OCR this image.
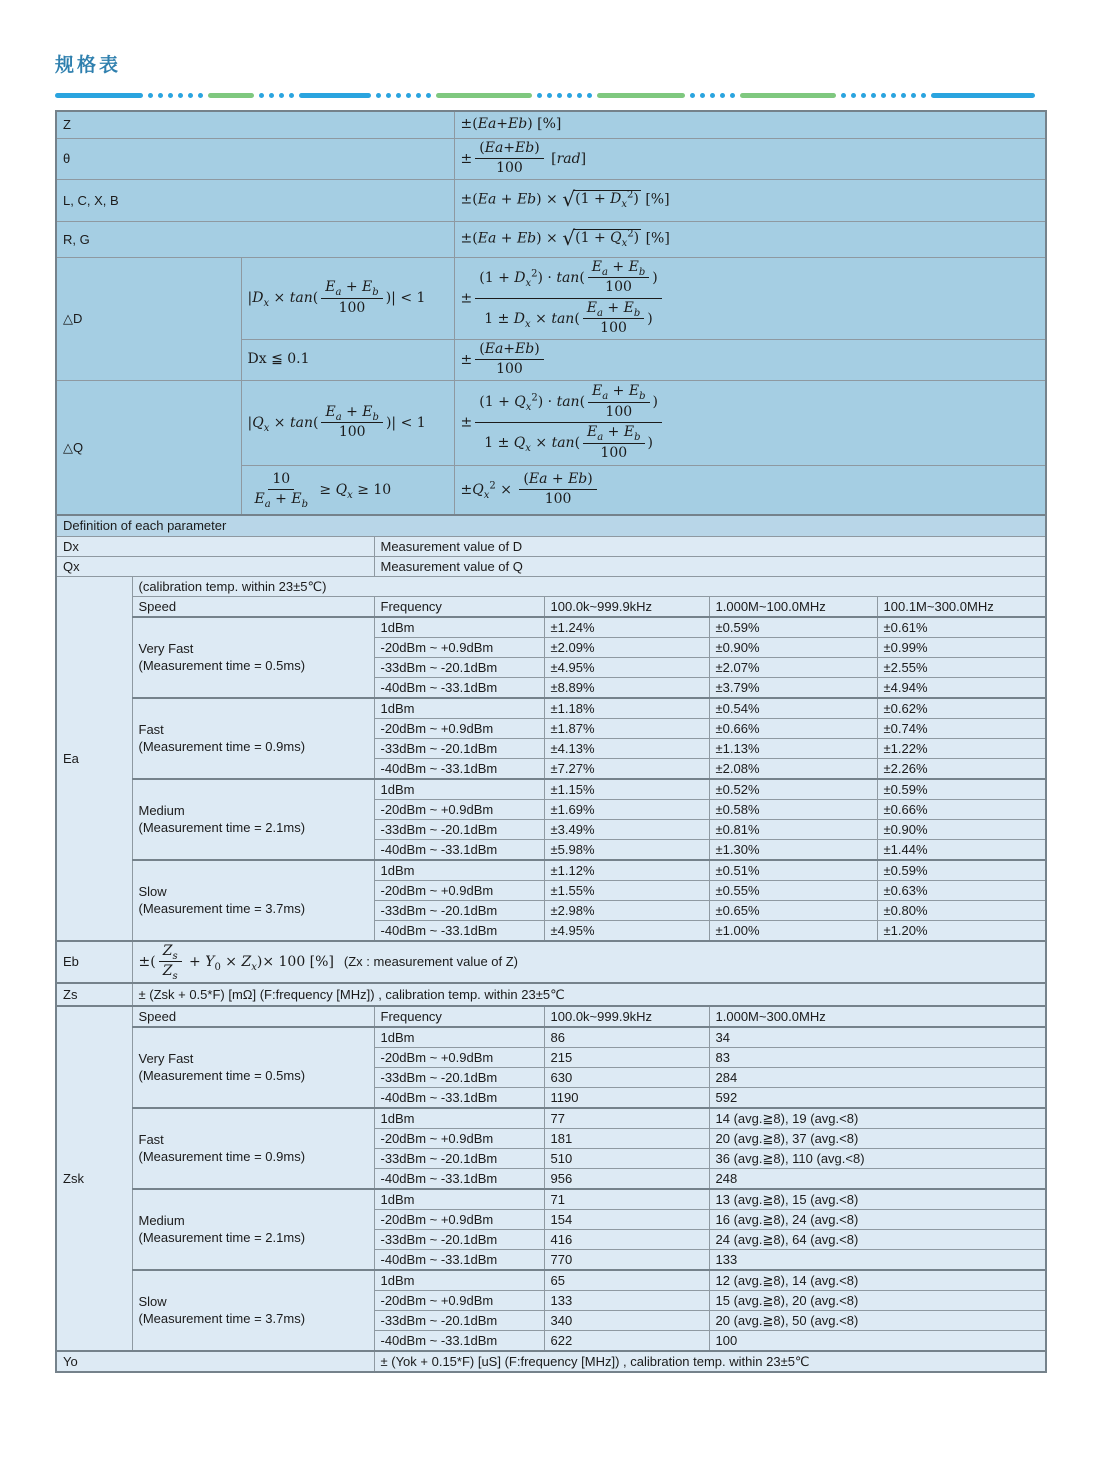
规格表
Z				±(Ea+Eb) [%]			
θ				± $\frac{(Ea+Eb)}{100} [rad]$			
L, C, X, B				±(Ea + Eb) × √ $(1 + D_x^2)$ [%]			
R, G				±(Ea + Eb) × √ $(1 + Q_x^2)$ [%]			
△D	$|D_x \times \tan( \frac{E_a + E_b}{100}$ )| < 1	± $\frac{(1 + D_x^2) \cdot \tan( \frac{E_a + E_b}{100} )}{1 \pm D_x \times \tan( \frac{E_a + E_b}{100} )}$

		Dx ≦ 0.1		± $\frac{(Ea+Eb)}{100}$

△Q	$|Q_x \times \tan( \frac{E_a + E_b}{100}$ )| < 1	± $\frac{(1 + Q_x^2) \cdot \tan( \frac{E_a + E_b}{100} )}{1 \pm Q_x \times \tan( \frac{E_a + E_b}{100} )}$

		$\frac{10}{E_a + E_b} \ge Q_x \ge 10$		$\pm Q_x^2 \times \frac{(Ea + Eb)}{100}$

Definition of each parameter							
Dx			Measurement value of D				
Qx			Measurement value of Q				
Ea	(calibration temp. within 23±5℃)						
	Speed		Frequency		100.0k~999.9kHz	1.000M~100.0MHz	100.1M~300.0MHz

	Very Fast
(Measurement time = 0.5ms)		1dBm		±1.24%	±0.59%	±0.61%
			-20dBm ~ +0.9dBm		±2.09%	±0.90%	±0.99%
			-33dBm ~ -20.1dBm		±4.95%	±2.07%	±2.55%
			-40dBm ~ -33.1dBm		±8.89%	±3.79%	±4.94%

	Fast
(Measurement time = 0.9ms)		1dBm		±1.18%	±0.54%	±0.62%
			-20dBm ~ +0.9dBm		±1.87%	±0.66%	±0.74%
			-33dBm ~ -20.1dBm		±4.13%	±1.13%	±1.22%
			-40dBm ~ -33.1dBm		±7.27%	±2.08%	±2.26%

	Medium
(Measurement time = 2.1ms)		1dBm		±1.15%	±0.52%	±0.59%
			-20dBm ~ +0.9dBm		±1.69%	±0.58%	±0.66%
			-33dBm ~ -20.1dBm		±3.49%	±0.81%	±0.90%
			-40dBm ~ -33.1dBm		±5.98%	±1.30%	±1.44%

	Slow
(Measurement time = 3.7ms)		1dBm		±1.12%	±0.51%	±0.59%
			-20dBm ~ +0.9dBm		±1.55%	±0.55%	±0.63%
			-33dBm ~ -20.1dBm		±2.98%	±0.65%	±0.80%
			-40dBm ~ -33.1dBm		±4.95%	±1.00%	±1.20%
Eb	±( $\frac{Z_s}{Z_s} + Y_0 \times Z_x)\times 100$ [%] (Zx : measurement value of Z)						
Zs	± (Zsk + 0.5*F) [mΩ] (F:frequency [MHz]) , calibration temp. within 23±5℃						
Zsk	Speed		Frequency		100.0k~999.9kHz	1.000M~300.0MHz	

	Very Fast
(Measurement time = 0.5ms)		1dBm		86	34	
			-20dBm ~ +0.9dBm		215	83	
			-33dBm ~ -20.1dBm		630	284	
			-40dBm ~ -33.1dBm		1190	592	

	Fast
(Measurement time = 0.9ms)		1dBm		77	14 (avg.≧8), 19 (avg.<8)	
			-20dBm ~ +0.9dBm		181	20 (avg.≧8), 37 (avg.<8)	
			-33dBm ~ -20.1dBm		510	36 (avg.≧8), 110 (avg.<8)	
			-40dBm ~ -33.1dBm		956	248	

	Medium
(Measurement time = 2.1ms)		1dBm		71	13 (avg.≧8), 15 (avg.<8)	
			-20dBm ~ +0.9dBm		154	16 (avg.≧8), 24 (avg.<8)	
			-33dBm ~ -20.1dBm		416	24 (avg.≧8), 64 (avg.<8)	
			-40dBm ~ -33.1dBm		770	133	

	Slow
(Measurement time = 3.7ms)		1dBm		65	12 (avg.≧8), 14 (avg.<8)	
			-20dBm ~ +0.9dBm		133	15 (avg.≧8), 20 (avg.<8)	
			-33dBm ~ -20.1dBm		340	20 (avg.≧8), 50 (avg.<8)	
			-40dBm ~ -33.1dBm		622	100	
Yo			± (Yok + 0.15*F) [uS] (F:frequency [MHz]) , calibration temp. within 23±5℃				
